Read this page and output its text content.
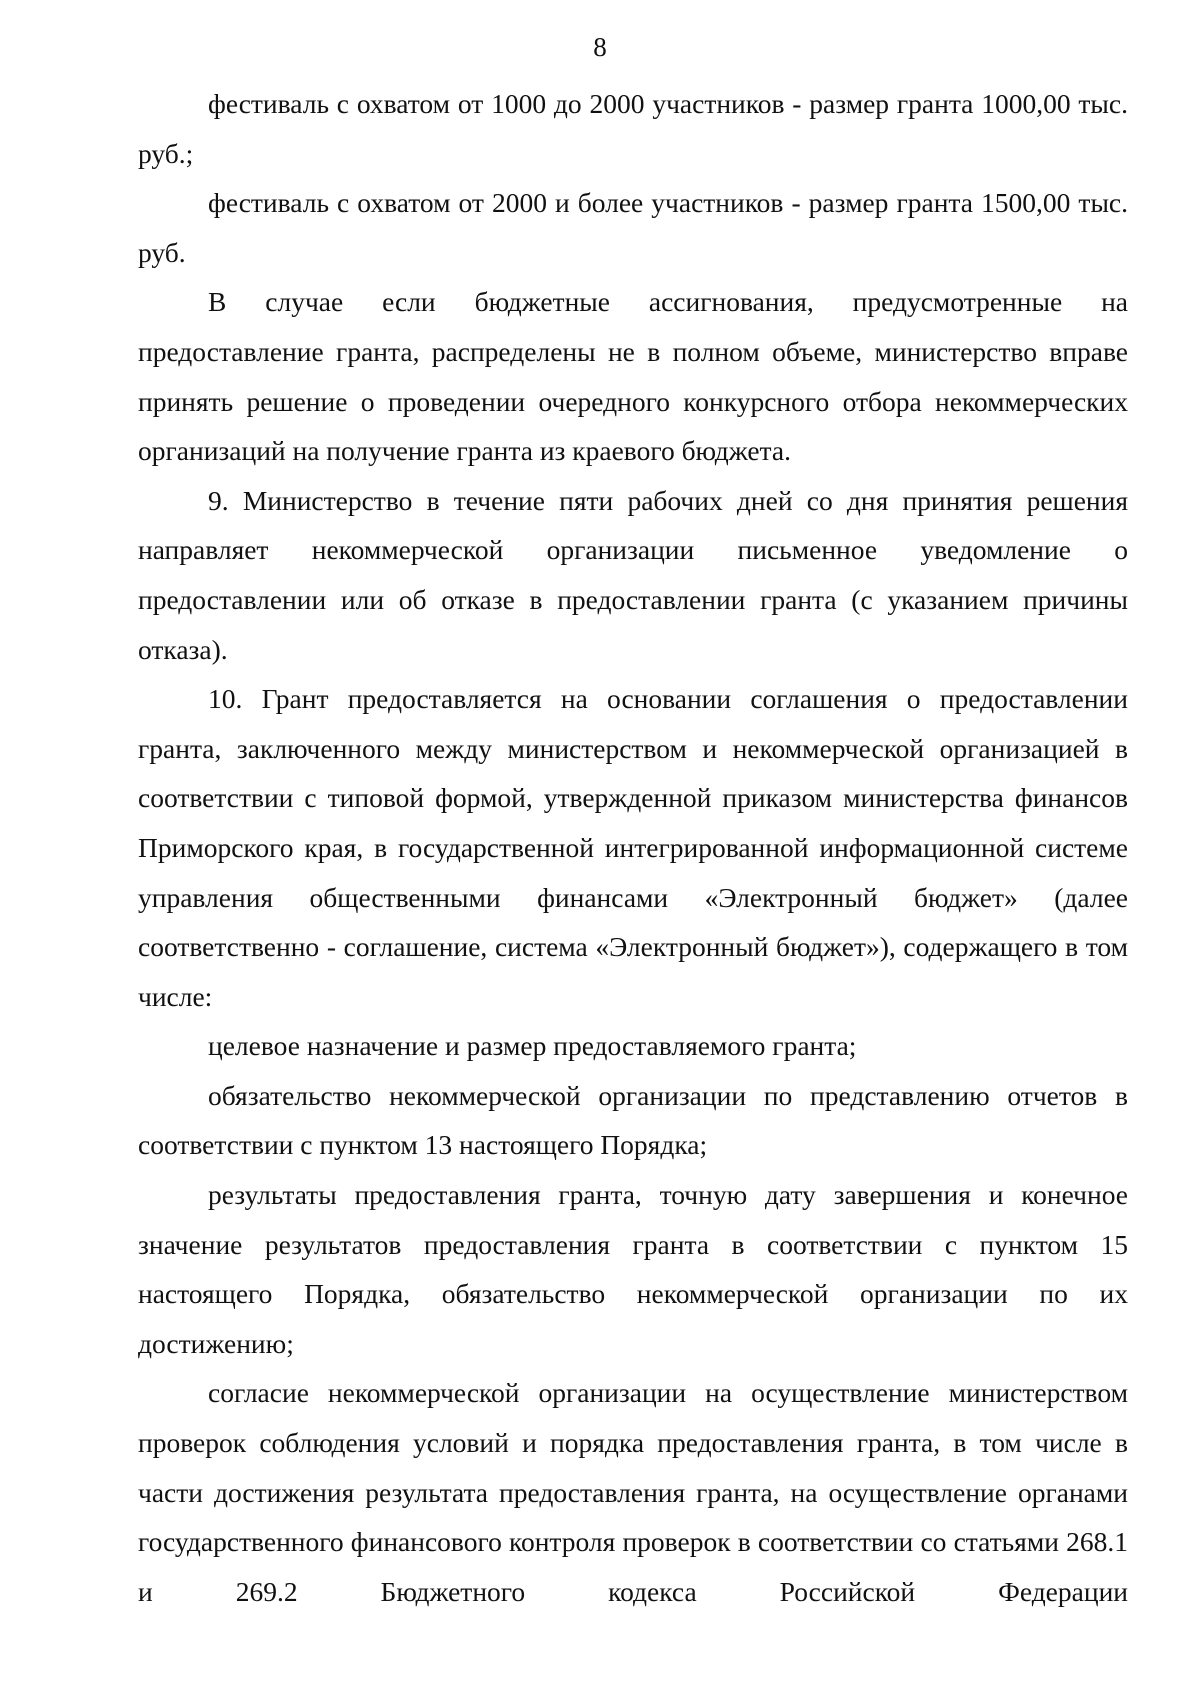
8

фестиваль с охватом от 1000 до 2000 участников - размер гранта 1000,00 тыс. руб.;

фестиваль с охватом от 2000 и более участников - размер гранта 1500,00 тыс. руб.

В случае если бюджетные ассигнования, предусмотренные на предоставление гранта, распределены не в полном объеме, министерство вправе принять решение о проведении очередного конкурсного отбора некоммерческих организаций на получение гранта из краевого бюджета.

9. Министерство в течение пяти рабочих дней со дня принятия решения направляет некоммерческой организации письменное уведомление о предоставлении или об отказе в предоставлении гранта (с указанием причины отказа).

10. Грант предоставляется на основании соглашения о предоставлении гранта, заключенного между министерством и некоммерческой организацией в соответствии с типовой формой, утвержденной приказом министерства финансов Приморского края, в государственной интегрированной информационной системе управления общественными финансами «Электронный бюджет» (далее соответственно - соглашение, система «Электронный бюджет»), содержащего в том числе:

целевое назначение и размер предоставляемого гранта;

обязательство некоммерческой организации по представлению отчетов в соответствии с пунктом 13 настоящего Порядка;

результаты предоставления гранта, точную дату завершения и конечное значение результатов предоставления гранта в соответствии с пунктом 15 настоящего Порядка, обязательство некоммерческой организации по их достижению;

согласие некоммерческой организации на осуществление министерством проверок соблюдения условий и порядка предоставления гранта, в том числе в части достижения результата предоставления гранта, на осуществление органами государственного финансового контроля проверок в соответствии со статьями 268.1 и 269.2 Бюджетного кодекса Российской Федерации
